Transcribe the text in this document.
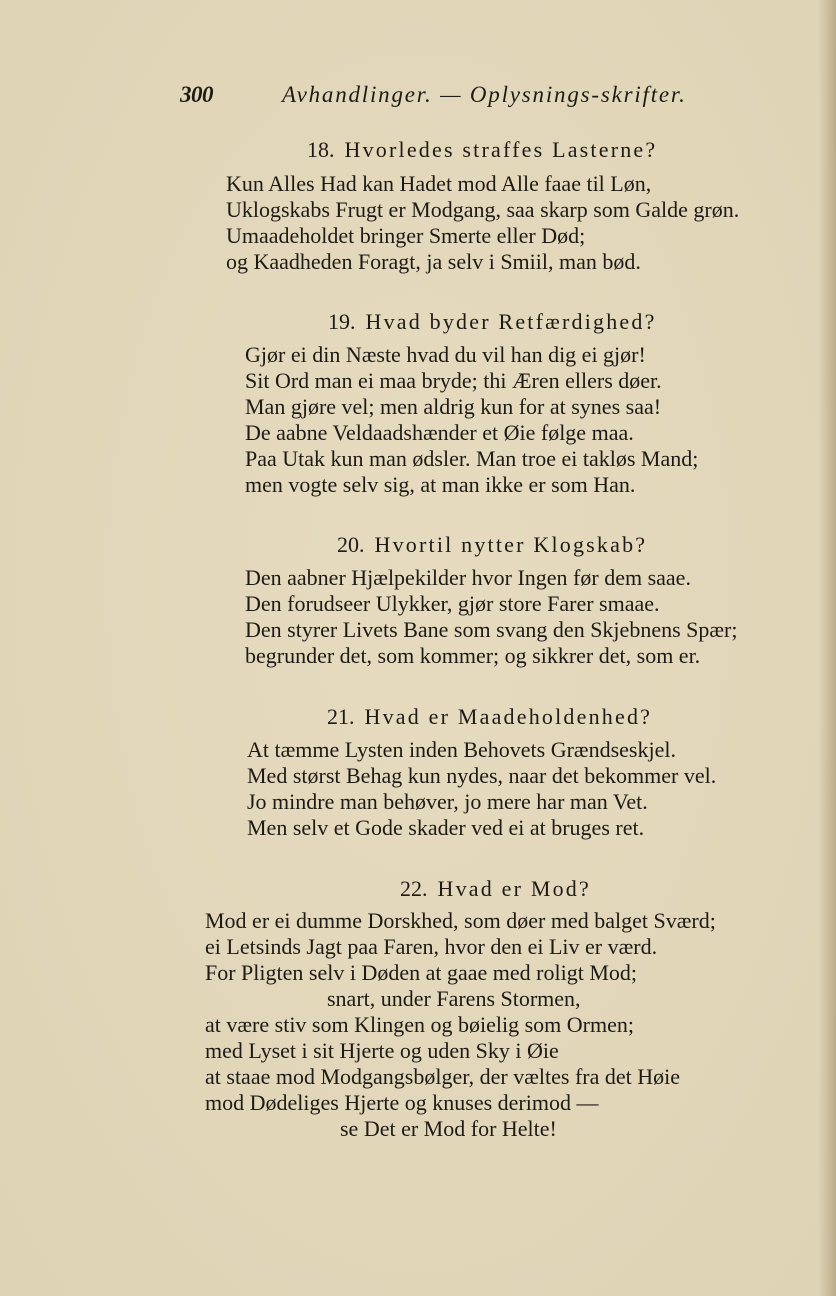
300	Avhandlinger. — Oplysnings-skrifter.
18. Hvorledes straffes Lasterne?
Kun Alles Had kan Hadet mod Alle faae til Løn,
Uklogskabs Frugt er Modgang, saa skarp som Galde grøn.
Umaadeholdet bringer Smerte eller Død;
og Kaadheden Foragt, ja selv i Smiil, man bød.
19. Hvad byder Retfærdighed?
Gjør ei din Næste hvad du vil han dig ei gjør!
Sit Ord man ei maa bryde; thi Æren ellers døer.
Man gjøre vel; men aldrig kun for at synes saa!
De aabne Veldaadshænder et Øie følge maa.
Paa Utak kun man ødsler. Man troe ei takløs Mand;
men vogte selv sig, at man ikke er som Han.
20. Hvortil nytter Klogskab?
Den aabner Hjælpekilder hvor Ingen før dem saae.
Den forudseer Ulykker, gjør store Farer smaae.
Den styrer Livets Bane som svang den Skjebnens Spær;
begrunder det, som kommer; og sikkrer det, som er.
21. Hvad er Maadeholdenhed?
At tæmme Lysten inden Behovets Grændseskjel.
Med størst Behag kun nydes, naar det bekommer vel.
Jo mindre man behøver, jo mere har man Vet.
Men selv et Gode skader ved ei at bruges ret.
22. Hvad er Mod?
Mod er ei dumme Dorskhed, som døer med balget Sværd;
ei Letsinds Jagt paa Faren, hvor den ei Liv er værd.
For Pligten selv i Døden at gaae med roligt Mod;
snart, under Farens Stormen,
at være stiv som Klingen og bøielig som Ormen;
med Lyset i sit Hjerte og uden Sky i Øie
at staae mod Modgangsbølger, der væltes fra det Høie
mod Dødeliges Hjerte og knuses derimod —
se Det er Mod for Helte!
